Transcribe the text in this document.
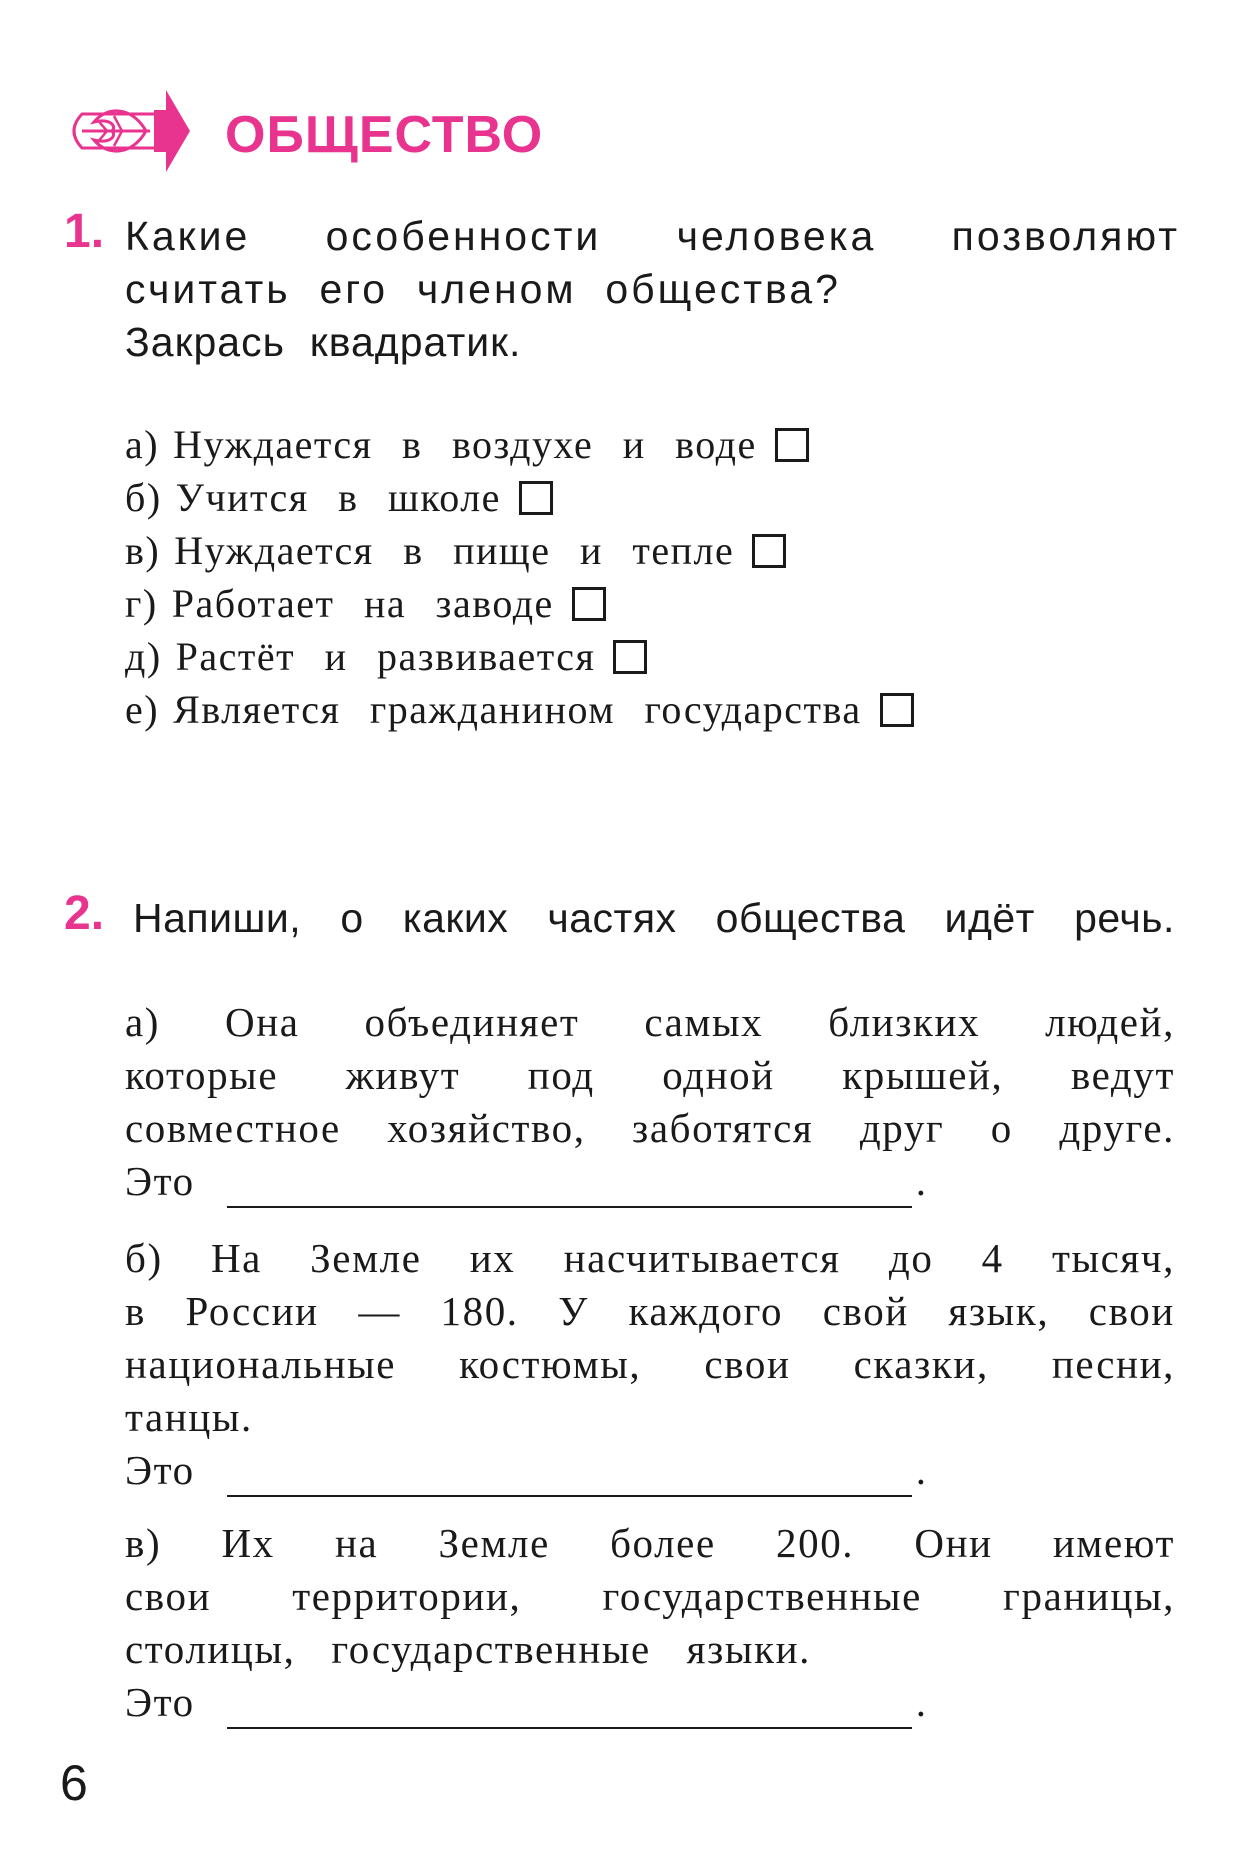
ОБЩЕСТВО
1. Какие особенности человека позволяют
считать  его  членом  общества?
Закрась  квадратик.
а) Нуждается в воздухе и воде
б) Учится в школе
в) Нуждается в пище и тепле
г) Работает на заводе
д) Растёт и развивается
е) Является гражданином государства
2. Напиши, о каких частях общества идёт речь.
а) Она объединяет самых близких людей,
которые живут под одной крышей, ведут
совместное хозяйство, заботятся друг о друге.
Это	.
б) На Земле их насчитывается до 4 тысяч,
в России — 180. У каждого свой язык, свои
национальные костюмы, свои сказки, песни,
танцы.
Это	.
в) Их на Земле более 200. Они имеют
свои территории, государственные границы,
столицы, государственные языки.
Это	.
6
